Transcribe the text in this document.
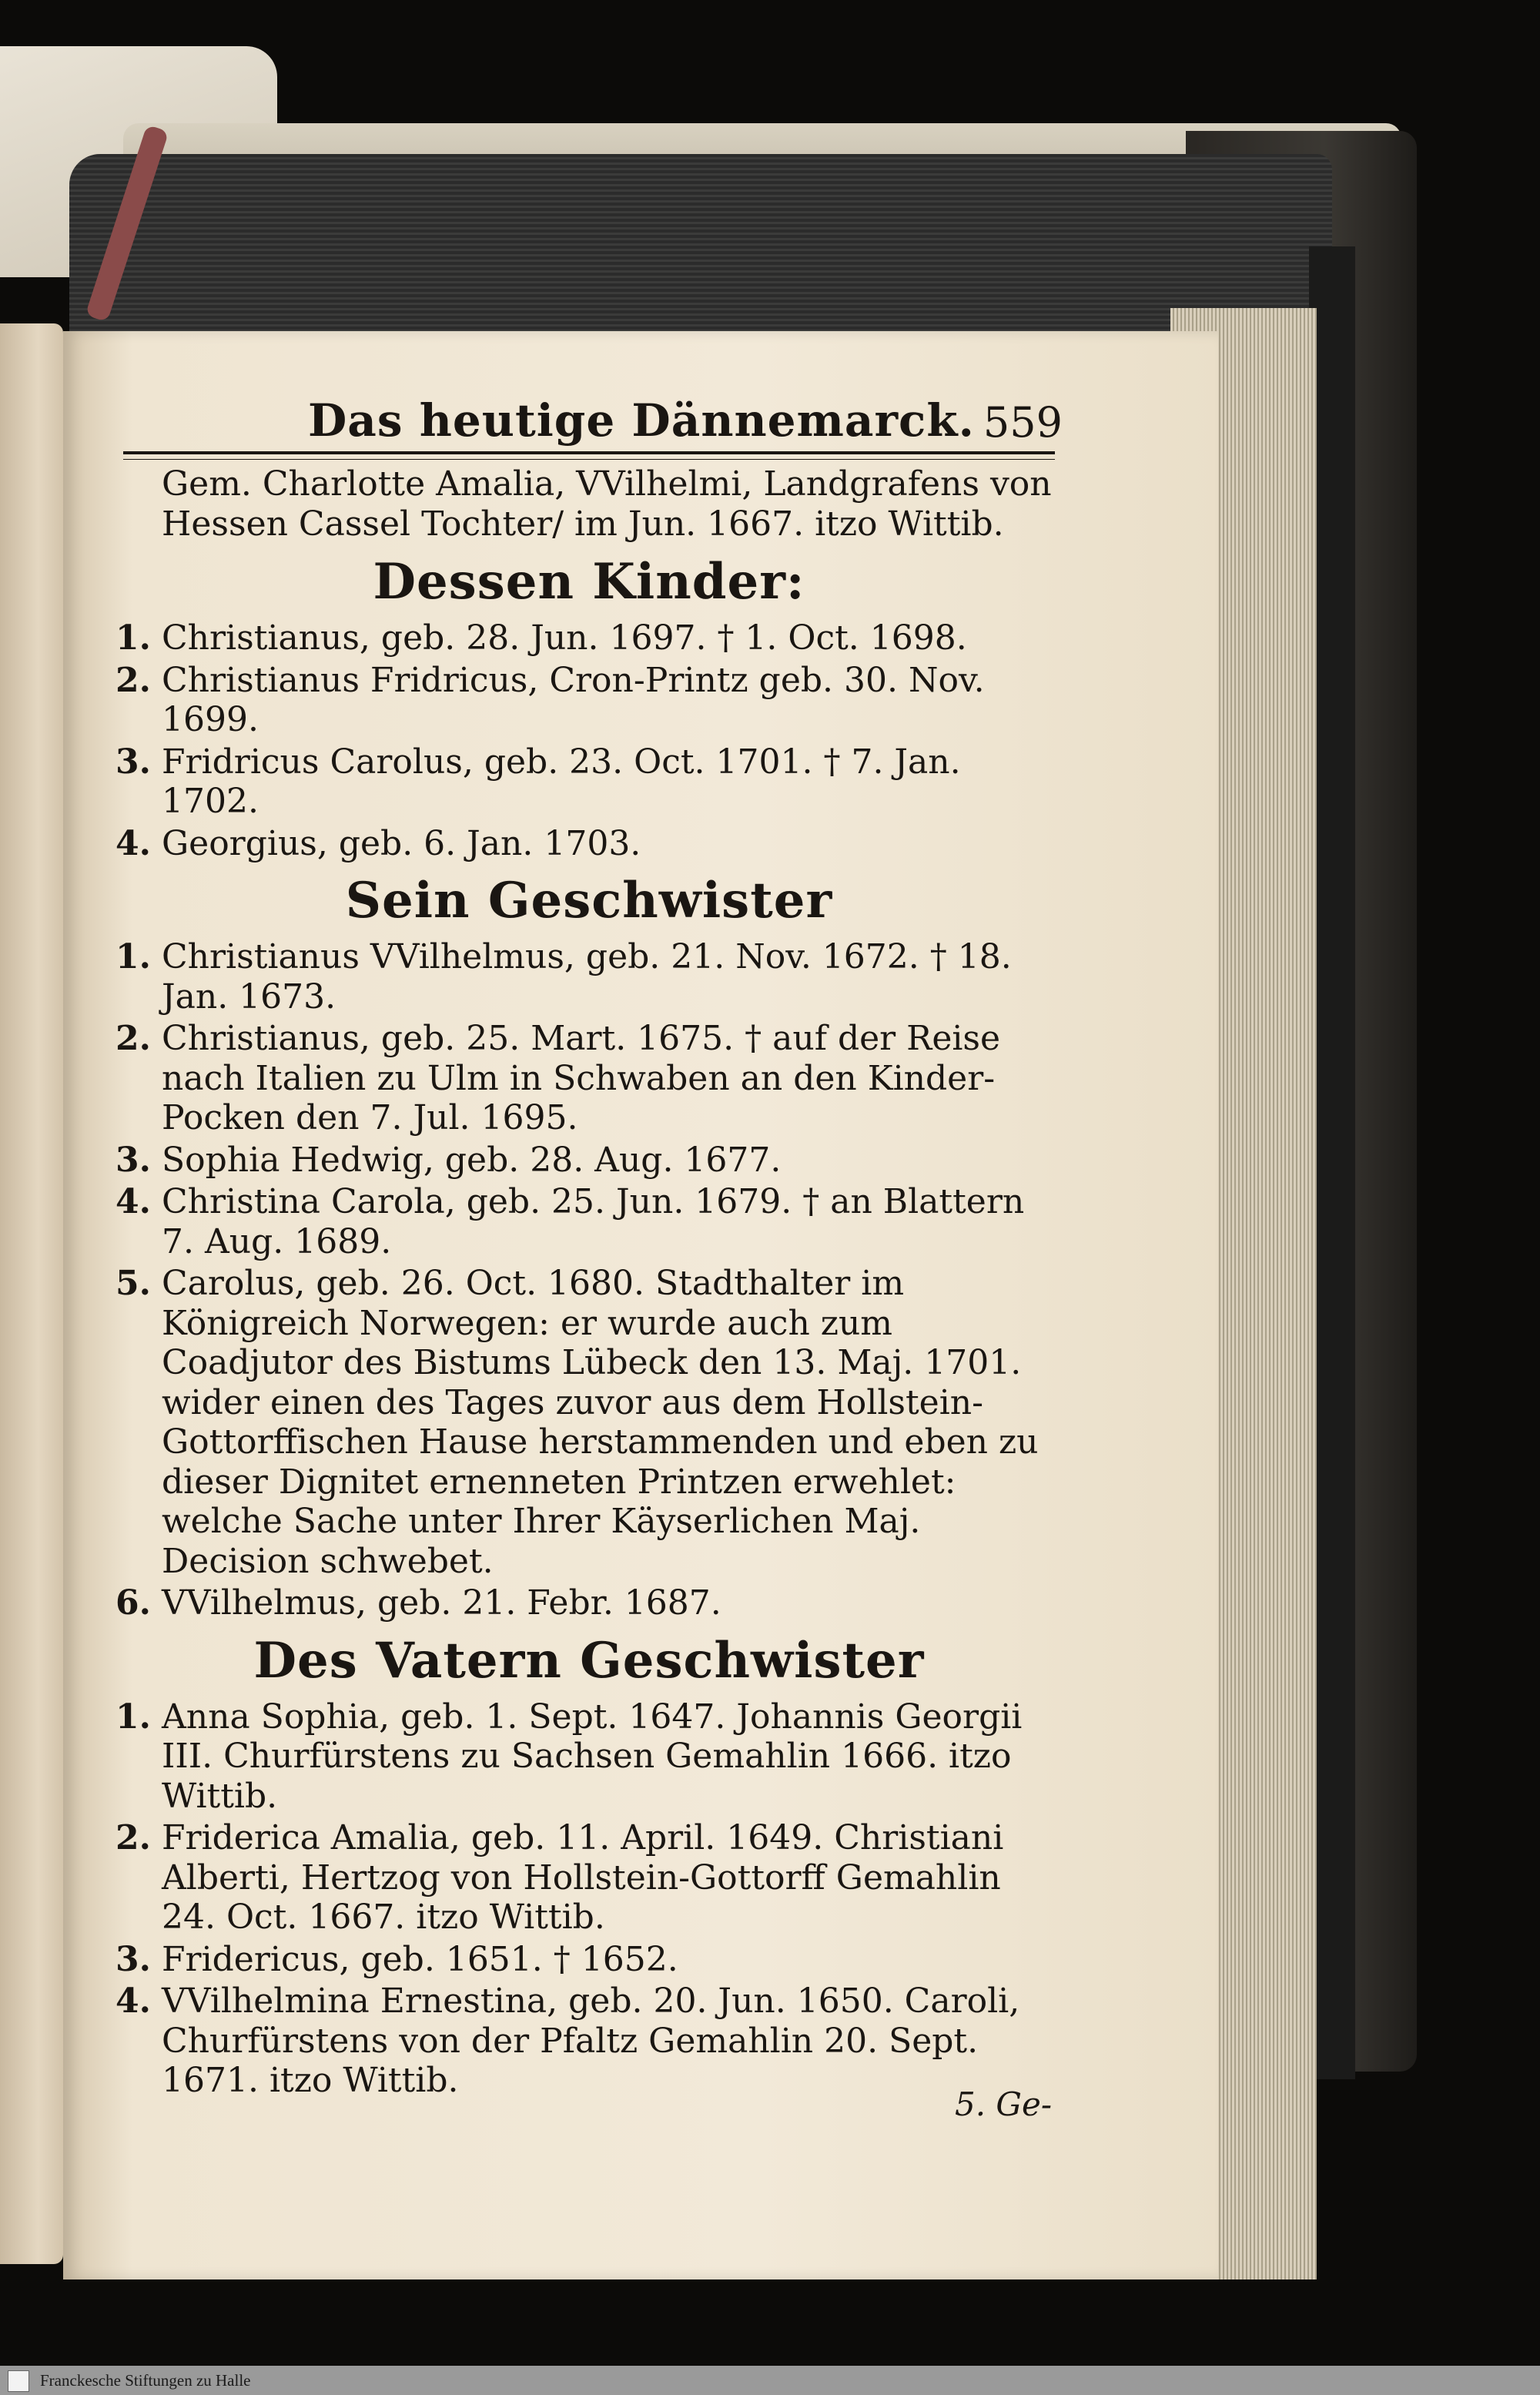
Das heutige Dännemarck. 559

Gem. Charlotte Amalia, VVilhelmi, Landgrafens von Hessen Cassel Tochter/ im Jun. 1667. itzo Wittib.

Dessen Kinder:
1. Christianus, geb. 28. Jun. 1697. † 1. Oct. 1698.
2. Christianus Fridricus, Cron-Printz geb. 30. Nov. 1699.
3. Fridricus Carolus, geb. 23. Oct. 1701. † 7. Jan. 1702.
4. Georgius, geb. 6. Jan. 1703.
Sein Geschwister
1. Christianus VVilhelmus, geb. 21. Nov. 1672. † 18. Jan. 1673.
2. Christianus, geb. 25. Mart. 1675. † auf der Reise nach Italien zu Ulm in Schwaben an den Kinder-Pocken den 7. Jul. 1695.
3. Sophia Hedwig, geb. 28. Aug. 1677.
4. Christina Carola, geb. 25. Jun. 1679. † an Blattern 7. Aug. 1689.
5. Carolus, geb. 26. Oct. 1680. Stadthalter im Königreich Norwegen: er wurde auch zum Coadjutor des Bistums Lübeck den 13. Maj. 1701. wider einen des Tages zuvor aus dem Hollstein-Gottorffischen Hause herstammenden und eben zu dieser Dignitet ernenneten Printzen erwehlet: welche Sache unter Ihrer Käyserlichen Maj. Decision schwebet.
6. VVilhelmus, geb. 21. Febr. 1687.
Des Vatern Geschwister
1. Anna Sophia, geb. 1. Sept. 1647. Johannis Georgii III. Churfürstens zu Sachsen Gemahlin 1666. itzo Wittib.
2. Friderica Amalia, geb. 11. April. 1649. Christiani Alberti, Hertzog von Hollstein-Gottorff Gemahlin 24. Oct. 1667. itzo Wittib.
3. Fridericus, geb. 1651. † 1652.
4. VVilhelmina Ernestina, geb. 20. Jun. 1650. Caroli, Churfürstens von der Pfaltz Gemahlin 20. Sept. 1671. itzo Wittib.
5. Ge-
Franckesche Stiftungen zu Halle
